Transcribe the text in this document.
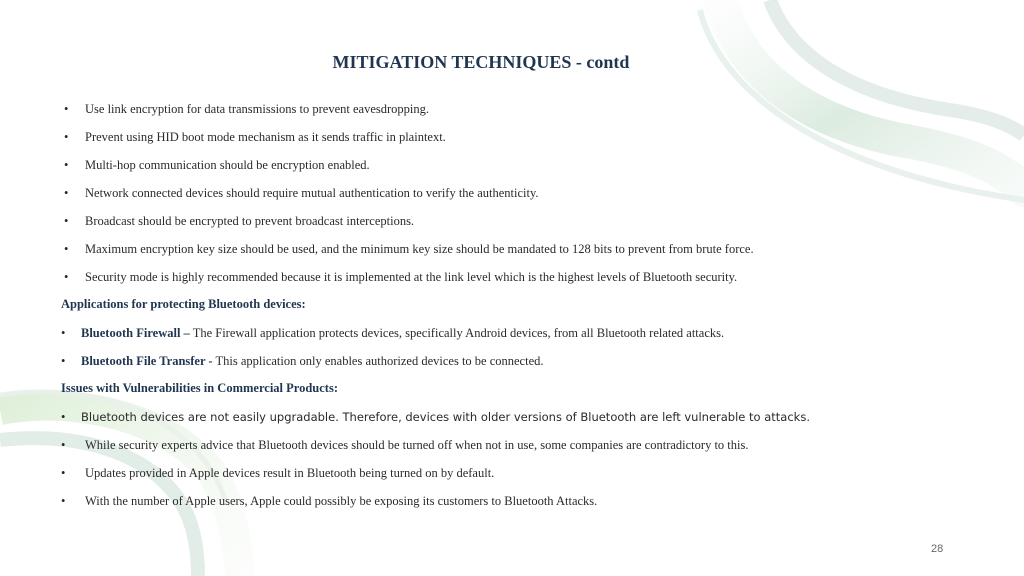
MITIGATION TECHNIQUES - contd
• Use link encryption for data transmissions to prevent eavesdropping.
• Prevent using HID boot mode mechanism as it sends traffic in plaintext.
• Multi-hop communication should be encryption enabled.
• Network connected devices should require mutual authentication to verify the authenticity.
• Broadcast should be encrypted to prevent broadcast interceptions.
• Maximum encryption key size should be used, and the minimum key size should be mandated to 128 bits to prevent from brute force.
• Security mode is highly recommended because it is implemented at the link level which is the highest levels of Bluetooth security.
Applications for protecting Bluetooth devices:
• Bluetooth Firewall – The Firewall application protects devices, specifically Android devices, from all Bluetooth related attacks.
• Bluetooth File Transfer - This application only enables authorized devices to be connected.
Issues with Vulnerabilities in Commercial Products:
• Bluetooth devices are not easily upgradable. Therefore, devices with older versions of Bluetooth are left vulnerable to attacks.
• While security experts advice that Bluetooth devices should be turned off when not in use, some companies are contradictory to this.
• Updates provided in Apple devices result in Bluetooth being turned on by default.
• With the number of Apple users, Apple could possibly be exposing its customers to Bluetooth Attacks.
28
